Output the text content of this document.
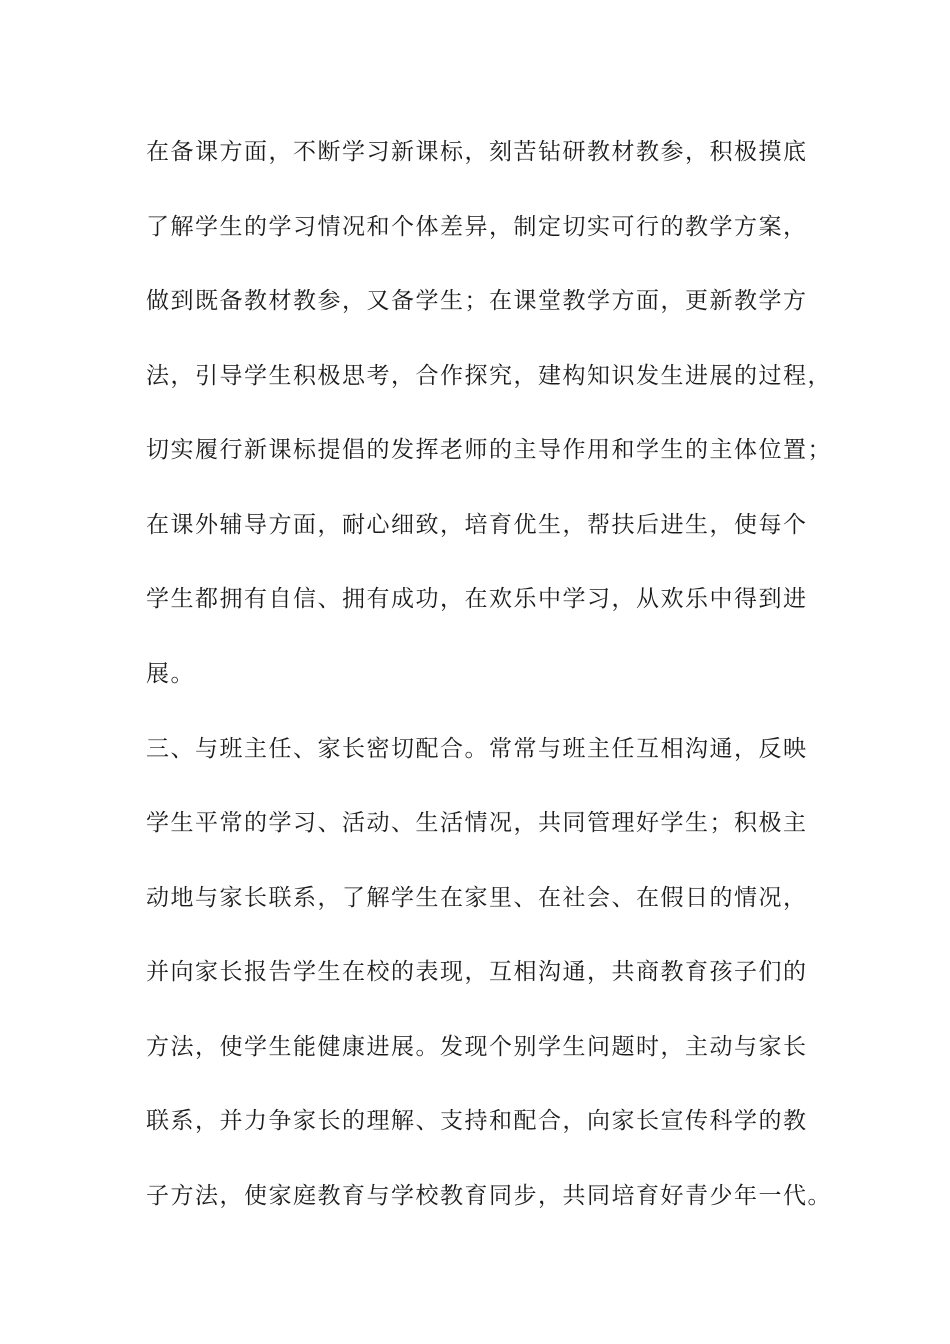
在备课方面，不断学习新课标，刻苦钻研教材教参，积极摸底
了解学生的学习情况和个体差异，制定切实可行的教学方案，
做到既备教材教参，又备学生；在课堂教学方面，更新教学方
法，引导学生积极思考，合作探究，建构知识发生进展的过程，
切实履行新课标提倡的发挥老师的主导作用和学生的主体位置；
在课外辅导方面，耐心细致，培育优生，帮扶后进生，使每个
学生都拥有自信、拥有成功，在欢乐中学习，从欢乐中得到进
展。
三、与班主任、家长密切配合。常常与班主任互相沟通，反映
学生平常的学习、活动、生活情况，共同管理好学生；积极主
动地与家长联系，了解学生在家里、在社会、在假日的情况，
并向家长报告学生在校的表现，互相沟通，共商教育孩子们的
方法，使学生能健康进展。发现个别学生问题时，主动与家长
联系，并力争家长的理解、支持和配合，向家长宣传科学的教
子方法，使家庭教育与学校教育同步，共同培育好青少年一代。
